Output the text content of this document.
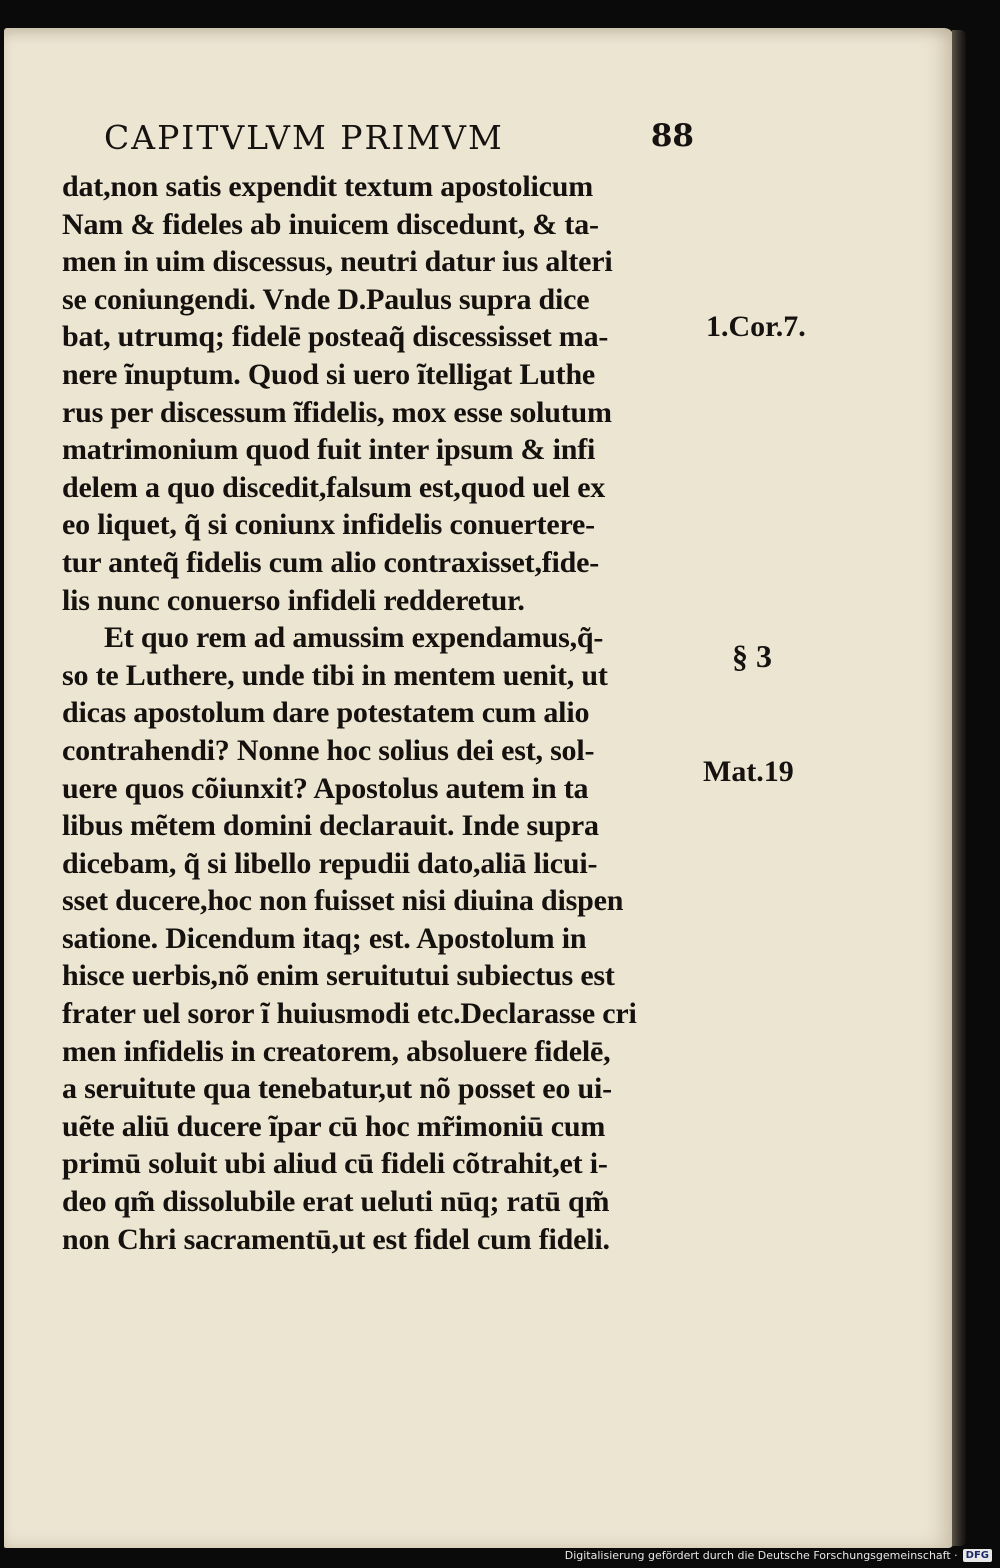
CAPITVLVM PRIMVM	88
dat,non satis expendit textum apostolicum
Nam & fideles ab inuicem discedunt, & ta-
men in uim discessus, neutri datur ius alteri
se coniungendi. Vnde D.Paulus supra dice
bat, utrumq; fidelē posteaq̃ discessisset ma-
nere ĩnuptum. Quod si uero ĩtelligat Luthe
rus per discessum ĩfidelis, mox esse solutum
matrimonium quod fuit inter ipsum & infi
delem a quo discedit,falsum est,quod uel ex
eo liquet, q̃ si coniunx infidelis conuertere-
tur anteq̃ fidelis cum alio contraxisset,fide-
lis nunc conuerso infideli redderetur.
Et quo rem ad amussim expendamus,q̃-
so te Luthere, unde tibi in mentem uenit, ut
dicas apostolum dare potestatem cum alio
contrahendi? Nonne hoc solius dei est, sol-
uere quos cõiunxit? Apostolus autem in ta
libus mẽtem domini declarauit. Inde supra
dicebam, q̃ si libello repudii dato,aliā licui-
sset ducere,hoc non fuisset nisi diuina dispen
satione. Dicendum itaq; est. Apostolum in
hisce uerbis,nõ enim seruitutui subiectus est
frater uel soror ĩ huiusmodi etc.Declarasse cri
men infidelis in creatorem, absoluere fidelē,
a seruitute qua tenebatur,ut nõ posset eo ui-
uẽte aliū ducere ĩpar cū hoc mr̃imoniū cum
primū soluit ubi aliud cū fideli cõtrahit,et i-
deo qm̃ dissolubile erat ueluti nūq; ratū qm̃
non Chri sacramentū,ut est fidel cum fideli.
1.Cor.7.
§ 3
Mat.19
Digitalisierung gefördert durch die Deutsche Forschungsgemeinschaft · DFG
